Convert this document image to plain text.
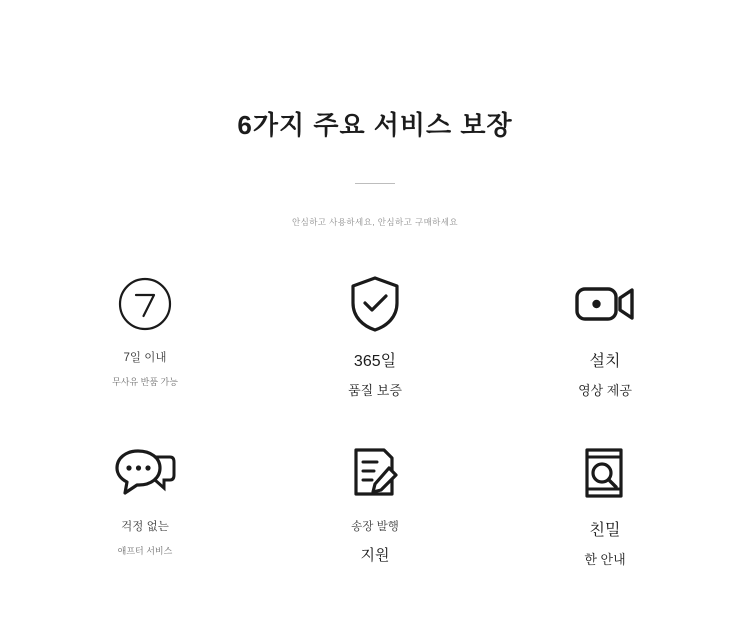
6가지 주요 서비스 보장
안심하고 사용하세요, 안심하고 구매하세요
7일 이내
무사유 반품 가능
365일
품질 보증
설치
영상 제공
걱정 없는
애프터 서비스
송장 발행
지원
친밀
한 안내
